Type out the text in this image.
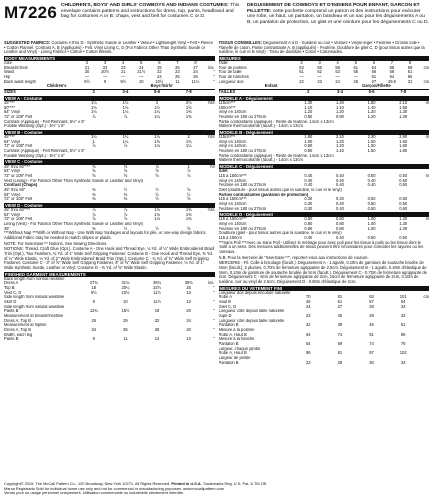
M7226 CHILDREN'S, BOYS' AND GIRLS' COWBOYS AND INDIANS COSTUMES: This envelope contains patterns and instructions for dress, top, pants, headband and bag for costumes A or B; chaps, vest and belt for costumes C or D.
DEGUISEMENT DE COWBOYS ET D'INDIENS POUR ENFANT, GARCON ET FILLETTE: cette pochette comprend un patron et des instructions pour exécuter une robe, un haut, un pantalon, un bandeau et un sac pour les déguisements A ou B; un pantalon de protection, un gilet et une ceinture pour les déguisements C ou D.
SUGGESTED FABRICS: Costume A thru D - Synthetic Suede or Leather • Velour • Lightweight Vinyl • Felt • Fleece • Cotton Flannel. Contrast A, B (Appliqués) - Felt. Vinyl Lining C, D (For Fabrics Other Than Synthetic Suede or Leather and Vinyl) - Lining Fabrics • Cotton • Cotton Blends.
BODY MEASUREMENTS
Size	2	3	4	5	6	7	8
Breast/Chest	21	22	23	24	25	26	27	ins.
Waist	20	20½	21	21½	22	23	24	"
Hip	—	—	—	—	24	25	26	"
Back waist length	8½	9	9½	10	10½	11	11¼	"
Children's	Boys'/Girls'
SIZES	2	3-4	5-6	7-8
VIEW A - Costume
45"***	1¼	1¼	2	2⅛	Yds
60"***	1⅛	1⅛	1½	1⅝
54" Vinyl	1⅛	1⅛	1¼	1⅜
72" or 108" Felt	⅞	⅞	1¼	1⅜
Contrast (Appliqué) - Felt Remnant, 5½" x 5"
Fusible Webbing (Opt.) - 5½" x 5"
VIEW B - Costume
45"***	1¼	1¼	1⅞	2	Yds
54" Vinyl	1	1¼	1⅝	1¾
72" or 108" Felt	⅞	⅞	1⅛	1¼
Contrast (Appliqué) - Felt Remnant, 5½" x 5"
Fusible Webbing (Opt.) - 5½" x 5"
VIEW C - Costume
45" thru 60"***	⅝	⅝	⅞	1	Yd
54" Vinyl	⅝	⅝	⅝	⅞
72" or 108" Felt	⅝	⅝	⅝	⅞
Vest (Lining) - For Fabrics Other Than Synthetic Suede or Leather and Vinyl)
Contrast (Chaps)
45" thru 60"	⅜	½	½	⅝
54" Vinyl	⅜	⅜	½	½
72" or 108" Felt	⅜	⅜	½	⅝
VIEW D - Costume
45" thru 60"***	⅞	⅞	1⅛	1⅜	Yds
54" Vinyl	⅞	⅞	1⅛	1⅜
72" or 108" Felt	⅞	⅞	1⅛	1⅜
Lining (Vest) - For Fabrics Other Than Synthetic Suede or Leather and Vinyl)
45"	⅜	½	½	⅝
***Without Nap ***With or Without Nap - Use With Nap Yardages and layouts for pile, or one-way design fabrics. Additional Fabric may be needed to match stripes or plaids.
NOTE: For Sew-Ease™ Notions, See Sewing Directions.
NOTIONS: Thread, Craft Glue (Opt.). Costume A - One Hook and Thread Eye, ⅛ Yd. of ¼" Wide Embroidered Braid Trim (Opt.), Two Feathers, ¾ Yd. of 1" Wide Self Gripping Fastener. Costume B - One Hook and Thread Eye, ⅜ Yd. of ¼" Wide Elastic, ⅛ Yd. of 2" Wide Embroidered Braid Trim (Opt.). Costume C - ¾ Yd. of ¾" Wide Self Gripping Fastener. Costume C - 3" of ⅝" Wide Self Gripping Fastener, 6" of ⅝" Wide Self Gripping Fastener, ⅛ Yd. of 1" Wide Synthetic Suede, Leather or Vinyl; Costume D - ⅜ Yd. of ⅝" Wide Elastic.
FINISHED GARMENT MEASUREMENTS
Back length from normal neckline
Dress A	27¾	31¾	36¾	39¾	ins.
Top B	18	20¼	22½	25	"
Vest C, D	9½	10½	11½	13	"
Side length from natural waistline
Skirt D	9	10	11½	13	"
Side length from natural waistline
Pants B	12¾	15½	18	20	"
Measurement at breast/chestline
Dress A, Top B	25	29	32	34	"
Measurement at hipline
Dress A, Top B	34	36	38	40	"
Width, each leg
Pants B	9	11	12	13	"
TISSUS CONSEILLES: Déguisement A à D - Suédine ou cuir • Velours • Vinyle léger • Feutrine • Grosse toile • Flanelle de coton. Partie contrastante A, B (appliqués) - Feutrine. Doublure de gilet C, D (pour tissus autres que la suédine, le cuir et le vinyl) - Tissu de doublure • Coton • Cotonnades.
MESURES
Taille	2	3	4	5	6	7	8
Tour de poitrine	53	56	58	61	64	66	69	cm
Tour de taille	51	52	53	55	56	58	61
Tour de hanches	—	—	—	—	61	64	66
Longueur dos	22	23	24	25	27	29.5	31	cm
Enfant	Garçon/Fillette
TAILLES	2	3-4	5-6	7-8
MODELE A - Déguisement
115cm***	1.30	1.40	1.80	2.10	m
150cm***	1.10	1.10	1.40	1.50
Vinyl en 140cm	1.20	1.20	1.20	1.30
Feutrine en 180 ou 275cm	0.80	0.80	1.20	1.30
Partie contrastante (appliqué) - Reste de feutrine, 14cm x 13cm
Matière thermocollante (facult.) - 14cm x 13cm
MODELE B - Déguisement
115cm***	1.80	2.10	2.30	2.90	m
Vinyl en 140cm	1.00	1.20	1.50	1.60
Vinyl en 140cm	0.90	1.20	1.50	1.60
Feutrine en 180 ou 275cm	0.80	1.10	1.50	1.80
Partie contrastante (appliqué) - Reste de feutrine, 14cm x 13cm
Matière thermocollante (facult.) - 14cm x 13cm
MODELE C - Déguisement
Gilet
115 à 150cm***	0.40	0.40	0.50	0.50	m
Vinyl en 140cm	0.40	0.40	0.40	0.50
Feutrine en 180 ou 275cm	0.40	0.40	0.40	0.50
Gilet (doublure - pour tissus autres que la suédine, le cuir et le vinyl)
Parties contrastantes (pantalon de protection)
115 à 150cm***	0.30	0.40	0.50	0.60
Vinyl en 140cm	0.30	0.40	0.50	0.50
Feutrine en 180 ou 275cm	0.30	0.40	0.50	0.50
MODELE D - Déguisement
115 à 150cm***	0.80	0.80	1.00	1.30	m
Vinyl en 140cm	0.80	0.80	1.00	1.30
Feutrine en 180 ou 275cm	0.80	0.80	1.00	1.30
Doublure (gilet - pour tissus autres que la suédine, le cuir et le vinyl)
115 à 150cm	0.40	0.40	0.50	0.50
***Sans Poil ***Avec ou Sans Poil - Utilisez le métrage pour avec poil pour les tissus à poils ou les tissus dont le motif a un sens. Des mesures additionnelles de tissus peuvent être nécessaires pour coïncider les rayures ou les carreaux.
N.B. Pour la mercerie de "Sew-Ease™", reportez-vous aux instructions de couture.
MERCERIE - Fil. Colle à bricolage (facult.). Déguisement A - 1 agrafe, 0.10m de garniture de soutache brodée de 6mm (facult.), 2 plumes, 0.70m de fermeture agrippante de 2.5cm. Déguisement B - 1 agrafe, 0.40m d'élastique de 6mm, 0.10m de garniture de soutache brodée de 5cm (facult.). Déguisement C - 0.70m de fermeture agrippante de 2cm. Déguisement C - 8cm de fermeture agrippante de 2cm, 15cm de fermeture agrippante de 2cm, 0.10m de suédine, cuir ou vinyl de 2.5cm. Déguisement D - 0.80m d'élastique de 2cm.
MESURES DU VETEMENT FINI
Longueur dos depuis encolure naturelle
Robe A	70	81	93	101	cm
Haut B	46	51	57	64
Gilet C, D	24	27	29	33
Longueur côté depuis taille naturelle
Jupe D	23	25	29	33
Longueur côté depuis taille naturelle
Pantalon B	32	39	46	51
Mesure à la poitrine
Robe A, Haut B	64	74	81	86
Mesure à la hanche
Pantalon B	64	69	74	79
Largeur, chaque jambe
Robe A, Haut B	86	91	97	102
Largeur de jambe
Pantalon B	23	28	30	33
Copyright© 2015, The McCall Pattern Co., 120 Broadway, New York 10271. All Rights Reserved. Printed in U.S.A. Trademarks Reg. U.S. Pat. & TM Off.
Marca Registrada Sold for individual home use only and not for commercial or manufacturing purposes. www.mccallpattern.com
Vendu pour un usage personnel uniquement. Utilisation commerciale ou industrielle strictement interdite.
